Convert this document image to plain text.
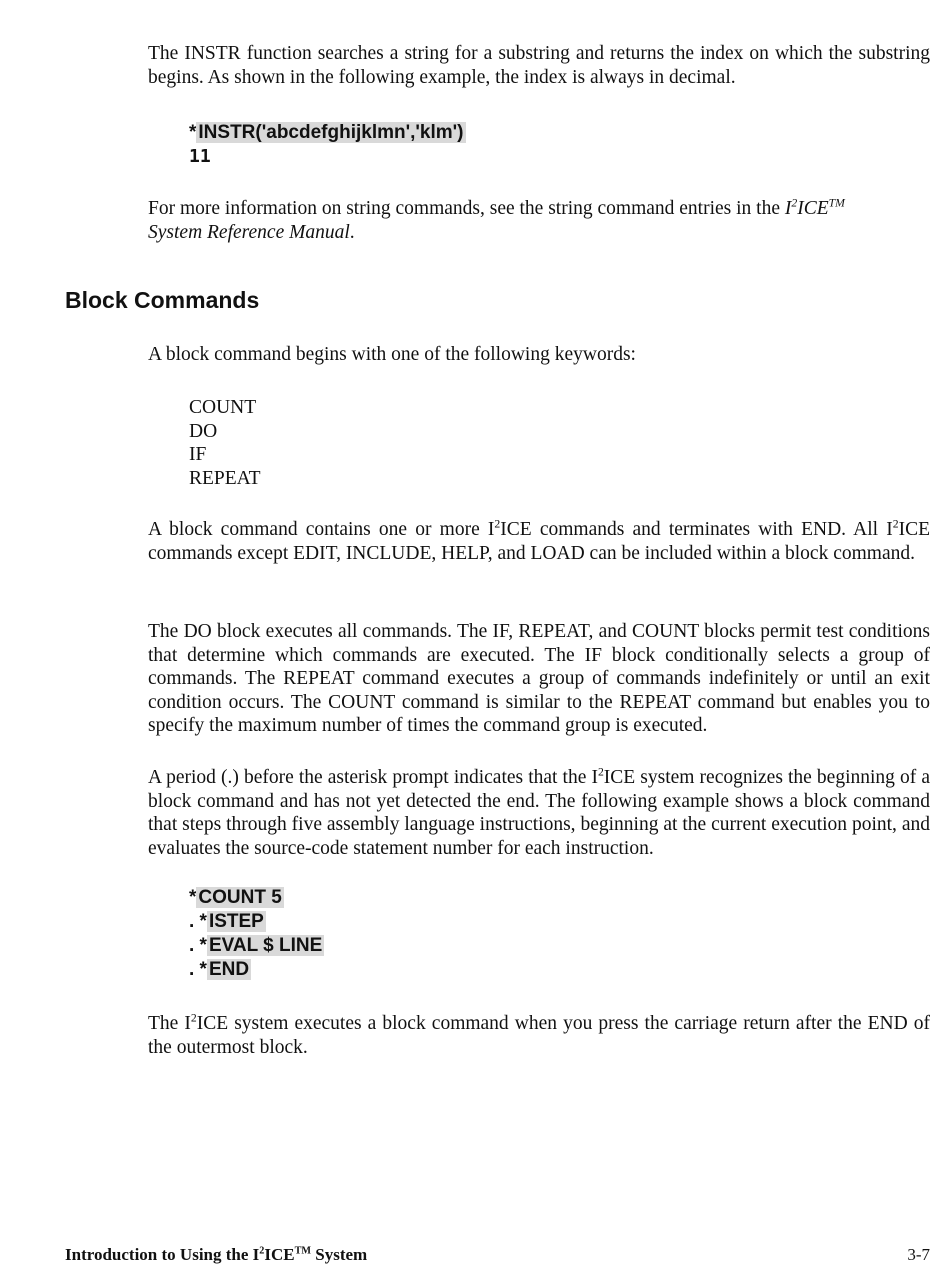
The INSTR function searches a string for a substring and returns the index on which the substring begins. As shown in the following example, the index is always in decimal.

* INSTR('abcdefghijklmn','klm')
11

For more information on string commands, see the string command entries in the $I^2ICE™$
System Reference Manual.

Block Commands

A block command begins with one of the following keywords:

COUNT
DO
IF
REPEAT

A block command contains one or more $I^2ICE$ commands and terminates with END. All $I^2ICE$ commands except EDIT, INCLUDE, HELP, and LOAD can be included within a block command.

The DO block executes all commands. The IF, REPEAT, and COUNT blocks permit test conditions that determine which commands are executed. The IF block conditionally selects a group of commands. The REPEAT command executes a group of commands indefinitely or until an exit condition occurs. The COUNT command is similar to the REPEAT command but enables you to specify the maximum number of times the command group is executed.

A period (.) before the asterisk prompt indicates that the $I^2ICE$ system recognizes the beginning of a block command and has not yet detected the end. The following example shows a block command that steps through five assembly language instructions, beginning at the current execution point, and evaluates the source-code statement number for each instruction.

* COUNT 5
. * ISTEP
. * EVAL $ LINE
. * END

The $I^2ICE$ system executes a block command when you press the carriage return after the END of the outermost block.

Introduction to Using the $I^2ICE™$ System	3-7
